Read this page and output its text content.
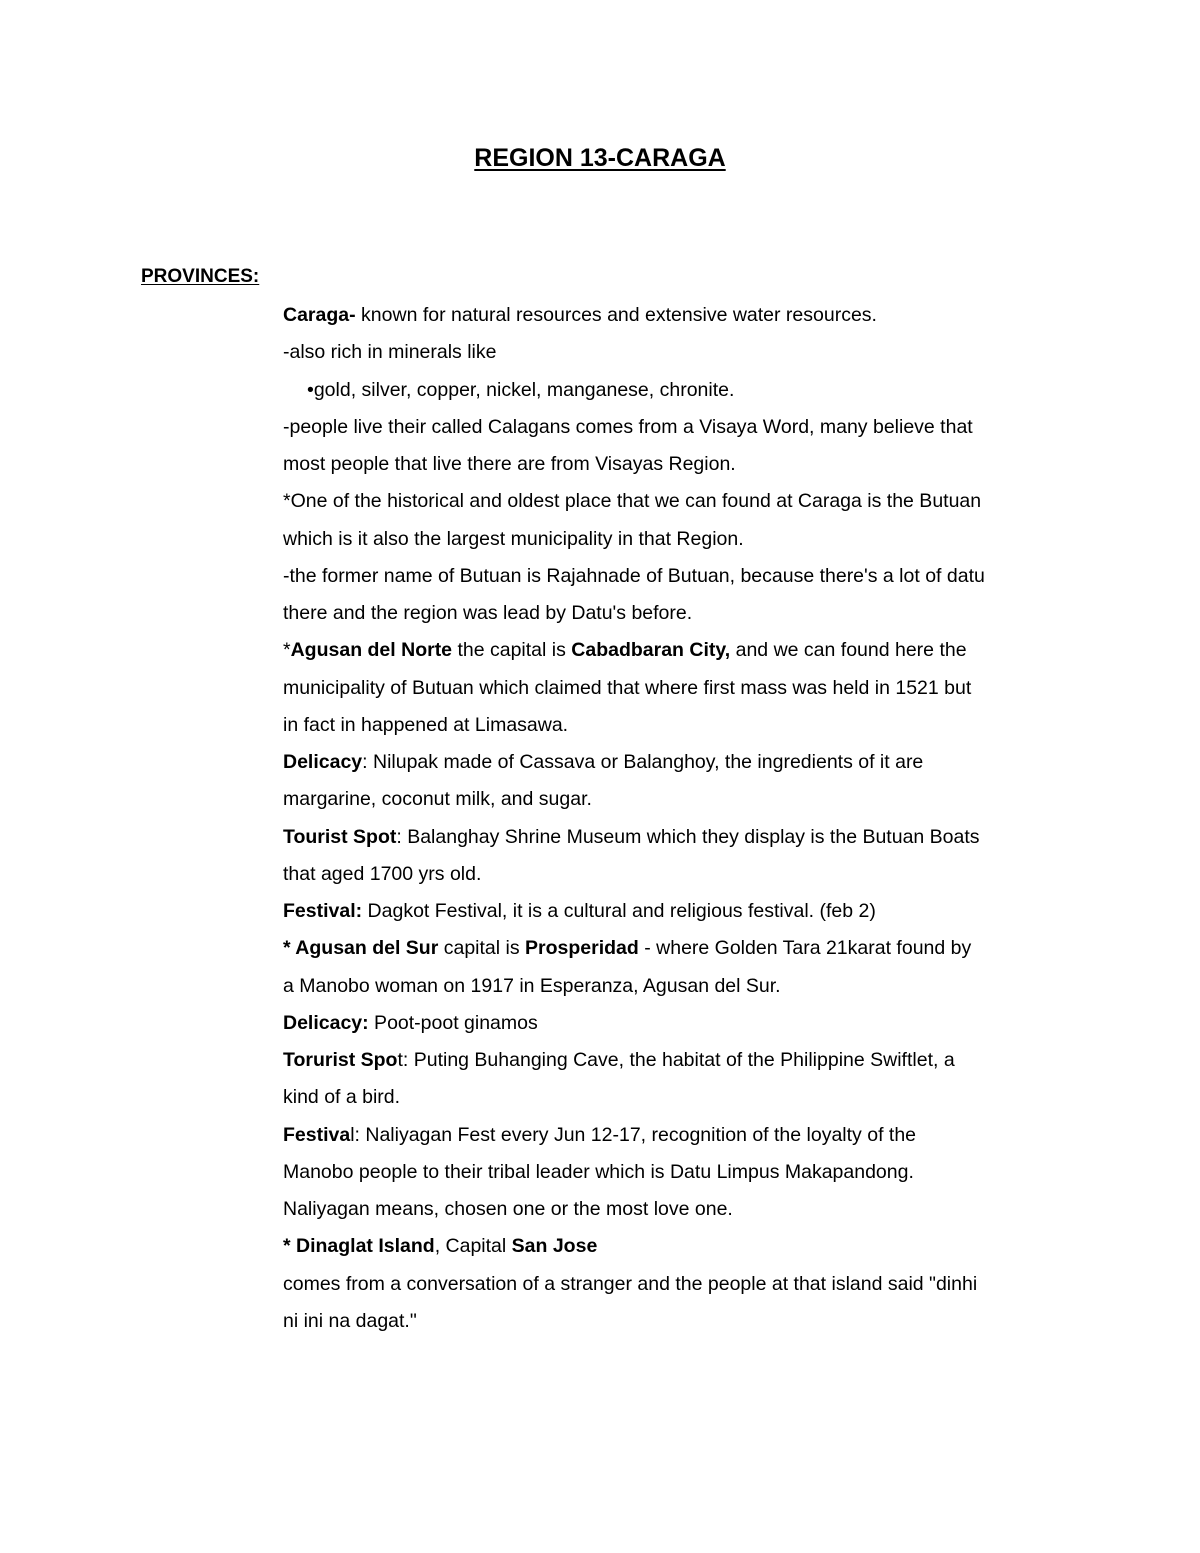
REGION 13-CARAGA
PROVINCES:
Caraga- known for natural resources and extensive water resources.
-also rich in minerals like
•gold, silver, copper, nickel, manganese, chronite.
-people live their called Calagans comes from a Visaya Word, many believe that
most people that live there are from Visayas Region.
*One of the historical and oldest place that we can found at Caraga is the Butuan
which is it also the largest municipality in that Region.
-the former name of Butuan is Rajahnade of Butuan, because there's a lot of datu
there and the region was lead by Datu's before.
*Agusan del Norte the capital is Cabadbaran City, and we can found here the
municipality of Butuan which claimed that where first mass was held in 1521 but
in fact in happened at Limasawa.
Delicacy: Nilupak made of Cassava or Balanghoy, the ingredients of it are
margarine, coconut milk, and sugar.
Tourist Spot: Balanghay Shrine Museum which they display is the Butuan Boats
that aged 1700 yrs old.
Festival: Dagkot Festival, it is a cultural and religious festival. (feb 2)
* Agusan del Sur capital is Prosperidad - where Golden Tara 21karat found by
a Manobo woman on 1917 in Esperanza, Agusan del Sur.
Delicacy: Poot-poot ginamos
Torurist Spot: Puting Buhanging Cave, the habitat of the Philippine Swiftlet, a
kind of a bird.
Festival: Naliyagan Fest every Jun 12-17, recognition of the loyalty of the
Manobo people to their tribal leader which is Datu Limpus Makapandong.
Naliyagan means, chosen one or the most love one.
* Dinaglat Island, Capital San Jose
comes from a conversation of a stranger and the people at that island said "dinhi
ni ini na dagat."
